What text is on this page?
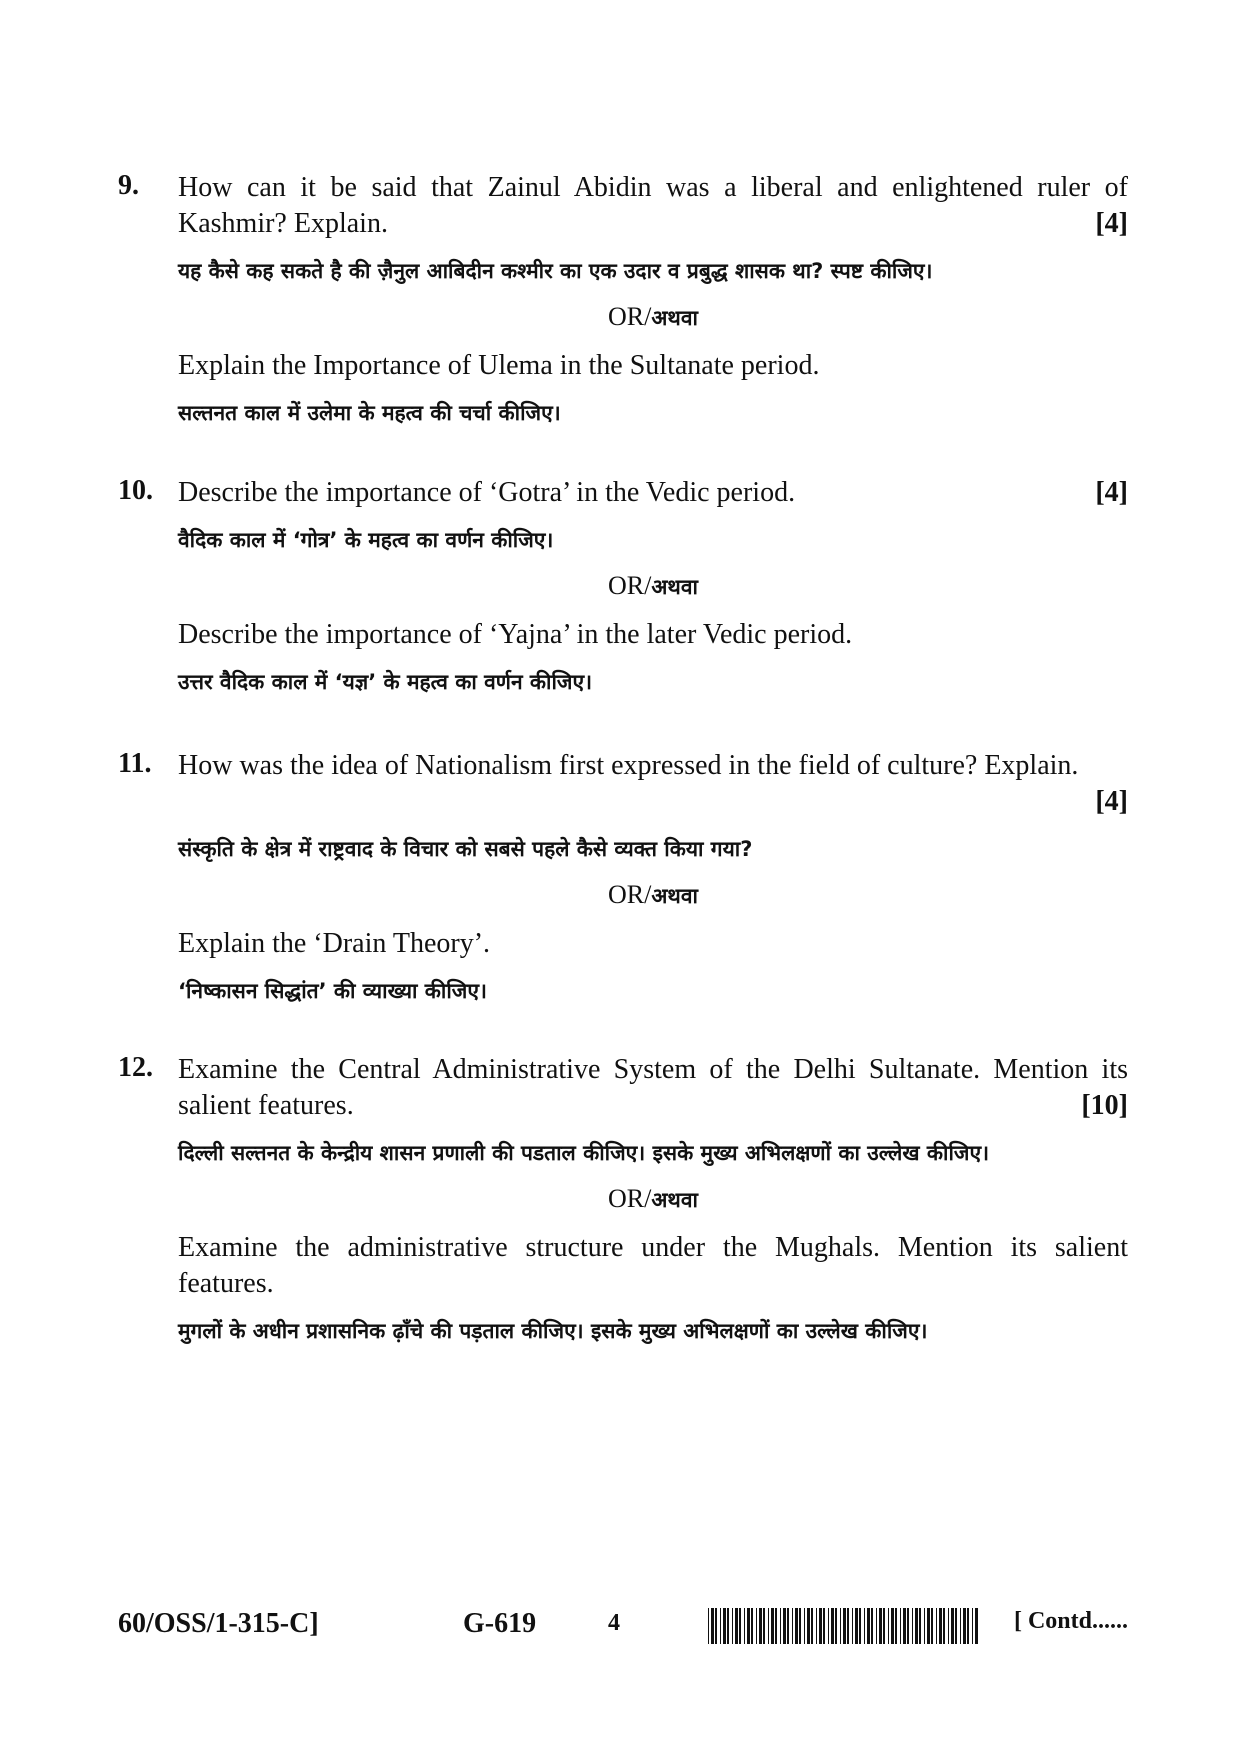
9. How can it be said that Zainul Abidin was a liberal and enlightened ruler of Kashmir? Explain.	[4]
यह कैसे कह सकते है की ज़ैनुल आबिदीन कश्मीर का एक उदार व प्रबुद्ध शासक था? स्पष्ट कीजिए।
OR/अथवा
Explain the Importance of Ulema in the Sultanate period.
सल्तनत काल में उलेमा के महत्व की चर्चा कीजिए।
10. Describe the importance of ‘Gotra’ in the Vedic period.	[4]
वैदिक काल में ‘गोत्र’ के महत्व का वर्णन कीजिए।
OR/अथवा
Describe the importance of ‘Yajna’ in the later Vedic period.
उत्तर वैदिक काल में ‘यज्ञ’ के महत्व का वर्णन कीजिए।
11. How was the idea of Nationalism first expressed in the field of culture? Explain.
[4]
संस्कृति के क्षेत्र में राष्ट्रवाद के विचार को सबसे पहले कैसे व्यक्त किया गया?
OR/अथवा
Explain the ‘Drain Theory’.
‘निष्कासन सिद्धांत’ की व्याख्या कीजिए।
12. Examine the Central Administrative System of the Delhi Sultanate. Mention its salient features.	[10]
दिल्ली सल्तनत के केन्द्रीय शासन प्रणाली की पडताल कीजिए। इसके मुख्य अभिलक्षणों का उल्लेख कीजिए।
OR/अथवा
Examine the administrative structure under the Mughals. Mention its salient features.
मुगलों के अधीन प्रशासनिक ढ़ाँचे की पड़ताल कीजिए। इसके मुख्य अभिलक्षणों का उल्लेख कीजिए।
60/OSS/1-315-C]	G-619	4	[ Contd......
